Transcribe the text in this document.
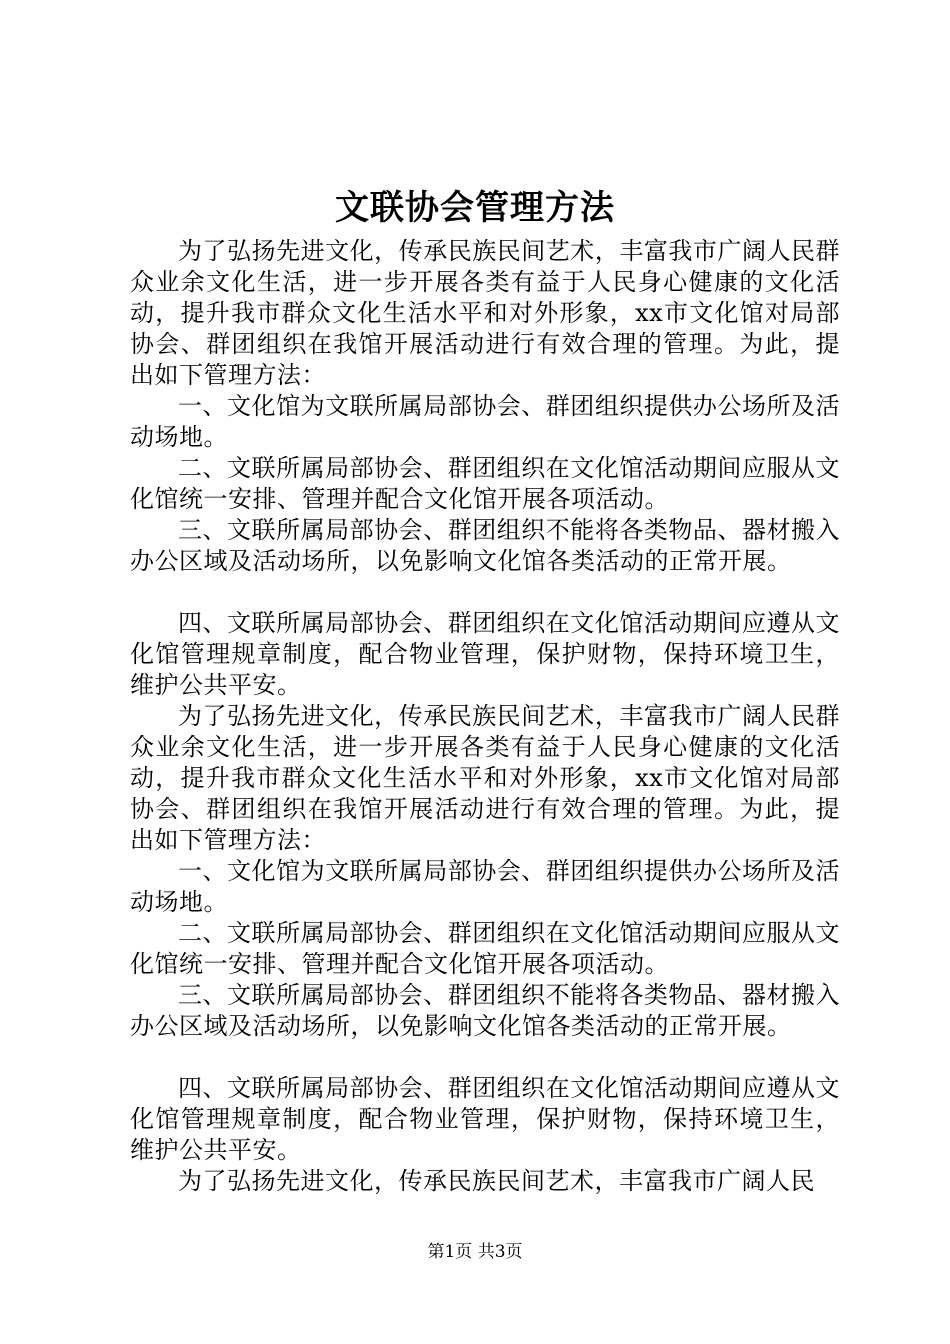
文联协会管理方法

为了弘扬先进文化，传承民族民间艺术，丰富我市广阔人民群众业余文化生活，进一步开展各类有益于人民身心健康的文化活动，提升我市群众文化生活水平和对外形象，xx市文化馆对局部协会、群团组织在我馆开展活动进行有效合理的管理。为此，提出如下管理方法：

一、文化馆为文联所属局部协会、群团组织提供办公场所及活动场地。

二、文联所属局部协会、群团组织在文化馆活动期间应服从文化馆统一安排、管理并配合文化馆开展各项活动。

三、文联所属局部协会、群团组织不能将各类物品、器材搬入办公区域及活动场所，以免影响文化馆各类活动的正常开展。

四、文联所属局部协会、群团组织在文化馆活动期间应遵从文化馆管理规章制度，配合物业管理，保护财物，保持环境卫生，维护公共平安。

为了弘扬先进文化，传承民族民间艺术，丰富我市广阔人民群众业余文化生活，进一步开展各类有益于人民身心健康的文化活动，提升我市群众文化生活水平和对外形象，xx市文化馆对局部协会、群团组织在我馆开展活动进行有效合理的管理。为此，提出如下管理方法：

一、文化馆为文联所属局部协会、群团组织提供办公场所及活动场地。

二、文联所属局部协会、群团组织在文化馆活动期间应服从文化馆统一安排、管理并配合文化馆开展各项活动。

三、文联所属局部协会、群团组织不能将各类物品、器材搬入办公区域及活动场所，以免影响文化馆各类活动的正常开展。

四、文联所属局部协会、群团组织在文化馆活动期间应遵从文化馆管理规章制度，配合物业管理，保护财物，保持环境卫生，维护公共平安。

为了弘扬先进文化，传承民族民间艺术，丰富我市广阔人民

第1页 共3页
